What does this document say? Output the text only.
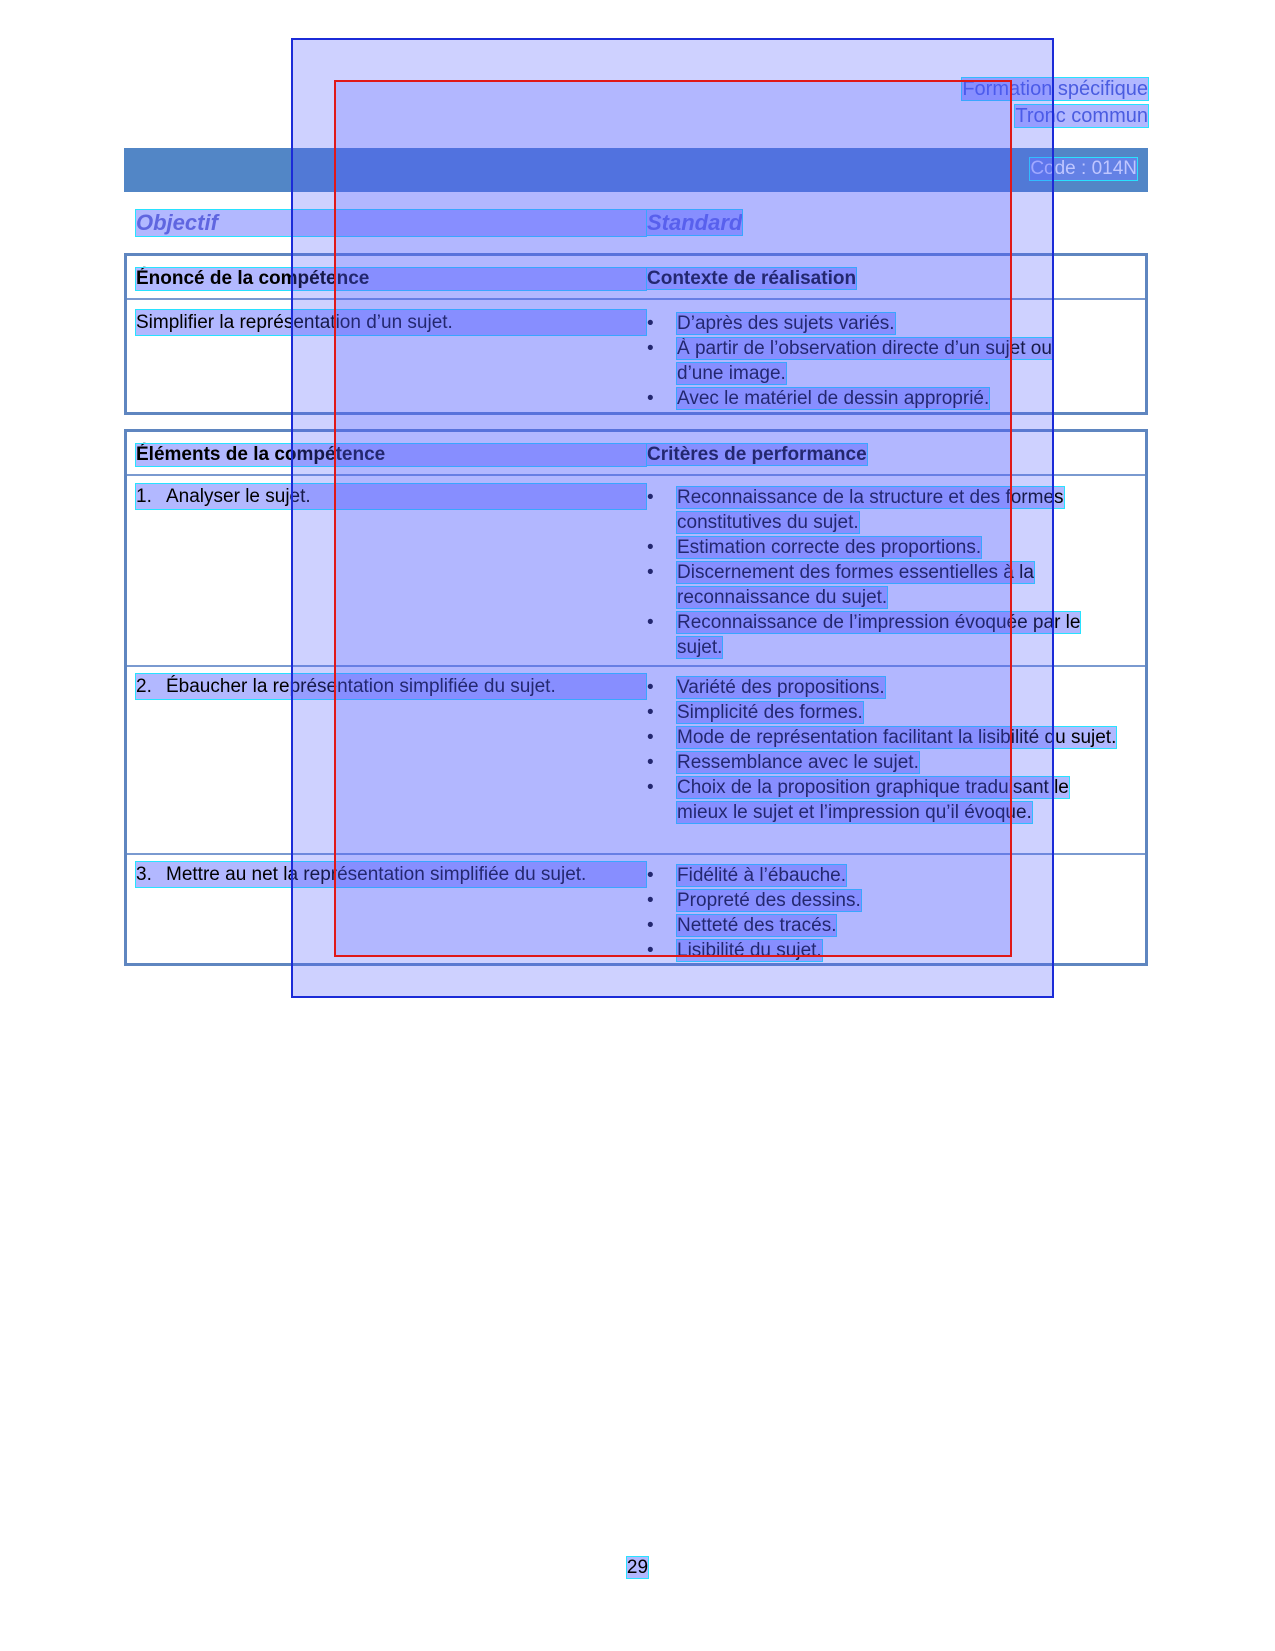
Formation spécifique
Tronc commun
Code : 014N
Objectif	Standard
Énoncé de la compétence	Contexte de réalisation
Simplifier la représentation d’un sujet.	• D’après des sujets variés.
• À partir de l’observation directe d’un sujet ou d’une image.
• Avec le matériel de dessin approprié.
Éléments de la compétence	Critères de performance
1. Analyser le sujet.	• Reconnaissance de la structure et des formes constitutives du sujet.
• Estimation correcte des proportions.
• Discernement des formes essentielles à la reconnaissance du sujet.
• Reconnaissance de l’impression évoquée par le sujet.
2. Ébaucher la représentation simplifiée du sujet.	• Variété des propositions.
• Simplicité des formes.
• Mode de représentation facilitant la lisibilité du sujet.
• Ressemblance avec le sujet.
• Choix de la proposition graphique traduisant le mieux le sujet et l’impression qu’il évoque.
3. Mettre au net la représentation simplifiée du sujet.	• Fidélité à l’ébauche.
• Propreté des dessins.
• Netteté des tracés.
• Lisibilité du sujet.
29
